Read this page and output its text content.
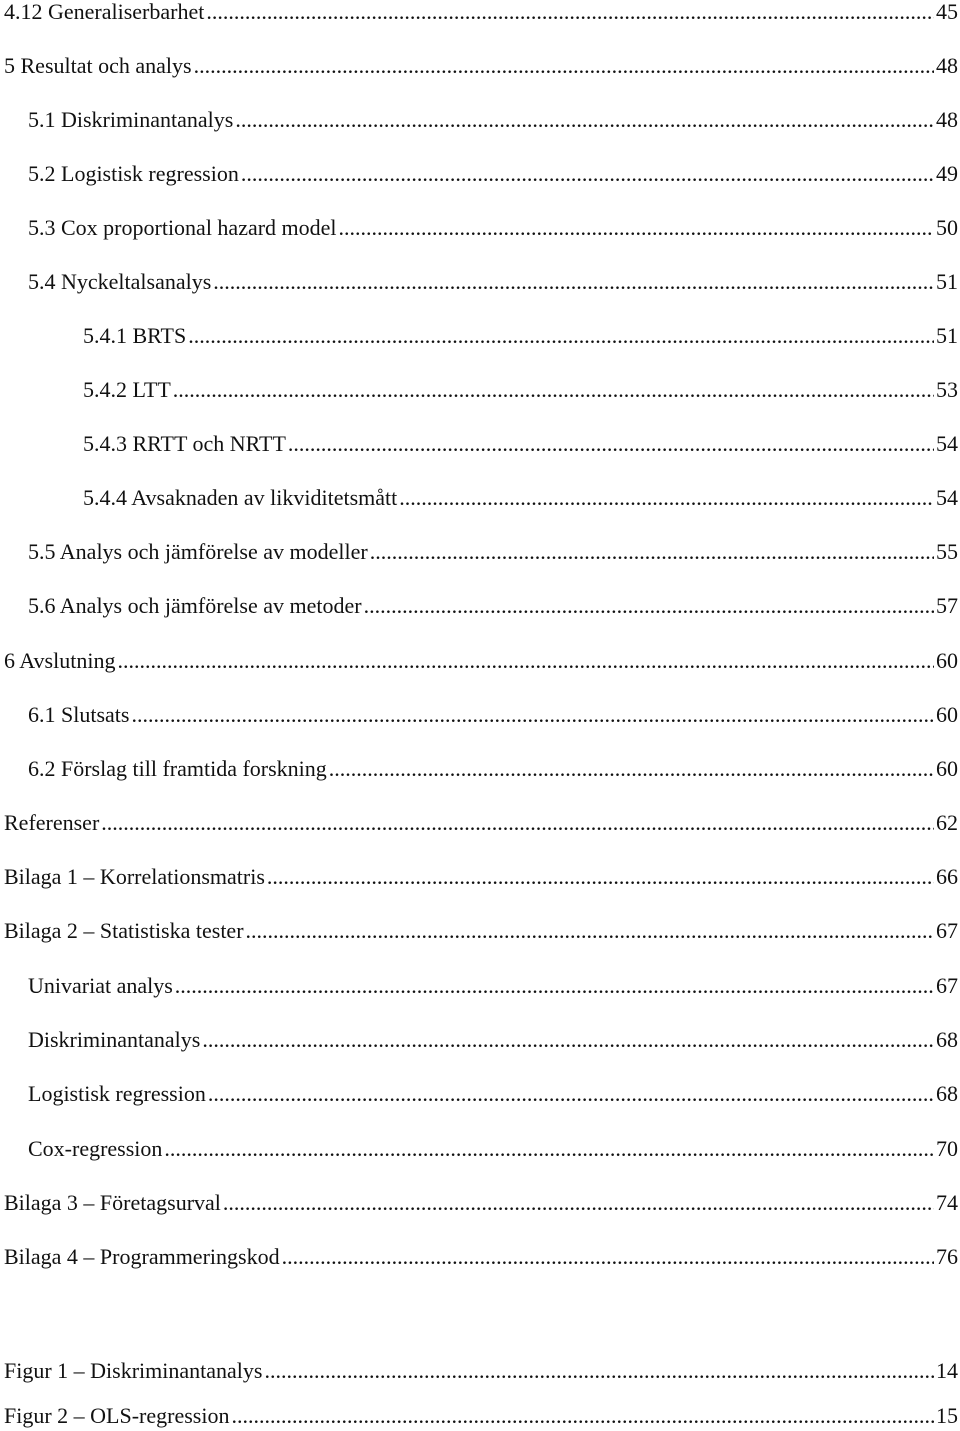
4.12 Generaliserbarhet .....	45
5 Resultat och analys .....	48
5.1 Diskriminantanalys .....	48
5.2 Logistisk regression .....	49
5.3 Cox proportional hazard model .....	50
5.4 Nyckeltalsanalys .....	51
5.4.1 BRTS .....	51
5.4.2 LTT .....	53
5.4.3 RRTT och NRTT .....	54
5.4.4 Avsaknaden av likviditetsmått .....	54
5.5 Analys och jämförelse av modeller .....	55
5.6 Analys och jämförelse av metoder .....	57
6 Avslutning .....	60
6.1 Slutsats .....	60
6.2 Förslag till framtida forskning .....	60
Referenser .....	62
Bilaga 1 – Korrelationsmatris .....	66
Bilaga 2 – Statistiska tester .....	67
Univariat analys .....	67
Diskriminantanalys .....	68
Logistisk regression .....	68
Cox-regression .....	70
Bilaga 3 – Företagsurval .....	74
Bilaga 4 – Programmeringskod .....	76
Figur 1 – Diskriminantanalys .....	14
Figur 2 – OLS-regression .....	15
